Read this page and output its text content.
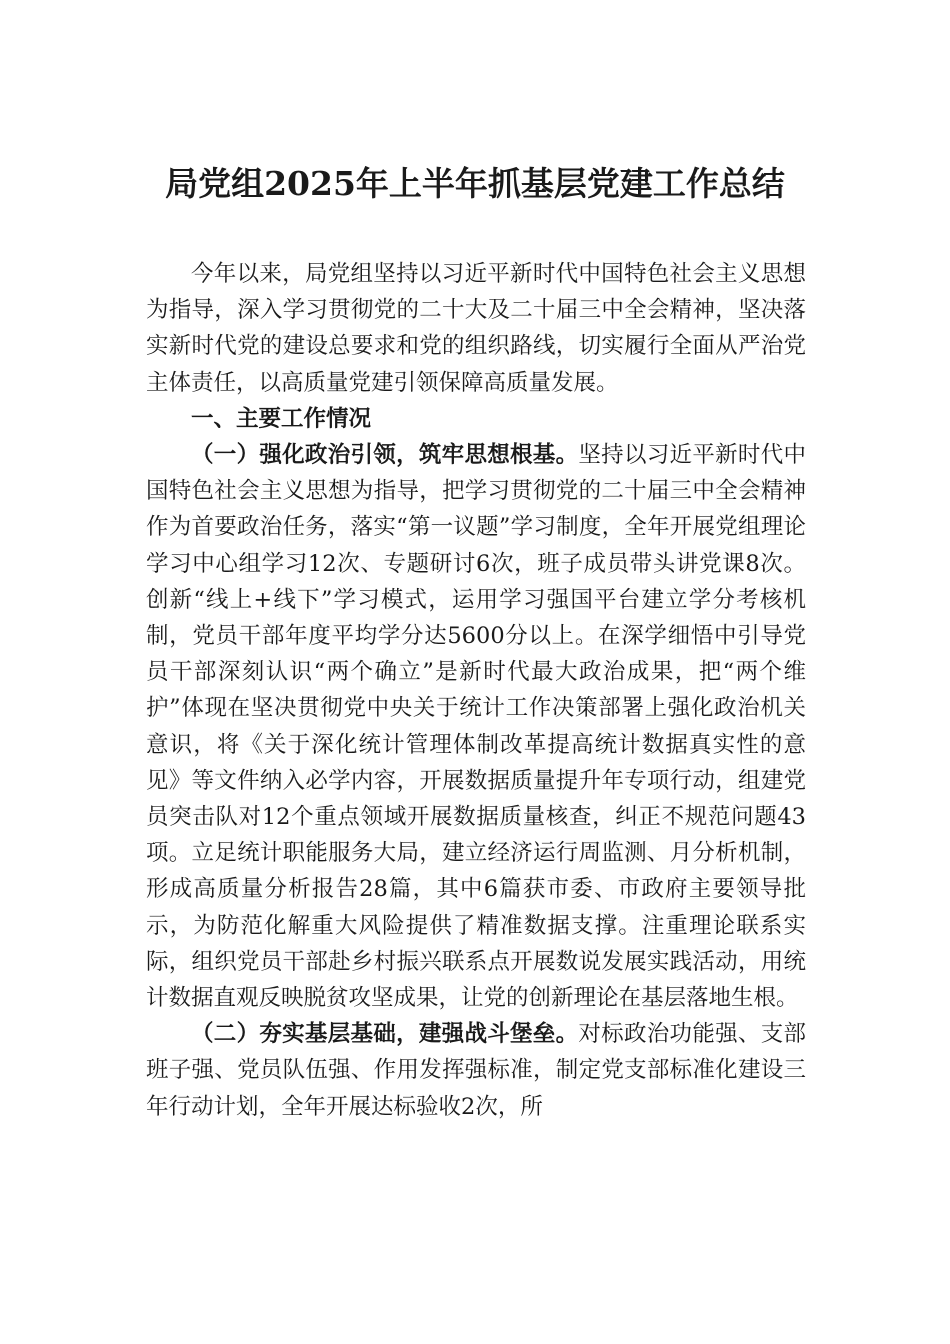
局党组2025年上半年抓基层党建工作总结

今年以来，局党组坚持以习近平新时代中国特色社会主义思想为指导，深入学习贯彻党的二十大及二十届三中全会精神，坚决落实新时代党的建设总要求和党的组织路线，切实履行全面从严治党主体责任，以高质量党建引领保障高质量发展。

一、主要工作情况

（一）强化政治引领，筑牢思想根基。坚持以习近平新时代中国特色社会主义思想为指导，把学习贯彻党的二十届三中全会精神作为首要政治任务，落实“第一议题”学习制度，全年开展党组理论学习中心组学习12次、专题研讨6次，班子成员带头讲党课8次。创新“线上+线下”学习模式，运用学习强国平台建立学分考核机制，党员干部年度平均学分达5600分以上。在深学细悟中引导党员干部深刻认识“两个确立”是新时代最大政治成果，把“两个维护”体现在坚决贯彻党中央关于统计工作决策部署上强化政治机关意识，将《关于深化统计管理体制改革提高统计数据真实性的意见》等文件纳入必学内容，开展数据质量提升年专项行动，组建党员突击队对12个重点领域开展数据质量核查，纠正不规范问题43项。立足统计职能服务大局，建立经济运行周监测、月分析机制，形成高质量分析报告28篇，其中6篇获市委、市政府主要领导批示，为防范化解重大风险提供了精准数据支撑。注重理论联系实际，组织党员干部赴乡村振兴联系点开展数说发展实践活动，用统计数据直观反映脱贫攻坚成果，让党的创新理论在基层落地生根。

（二）夯实基层基础，建强战斗堡垒。对标政治功能强、支部班子强、党员队伍强、作用发挥强标准，制定党支部标准化建设三年行动计划，全年开展达标验收2次，所
